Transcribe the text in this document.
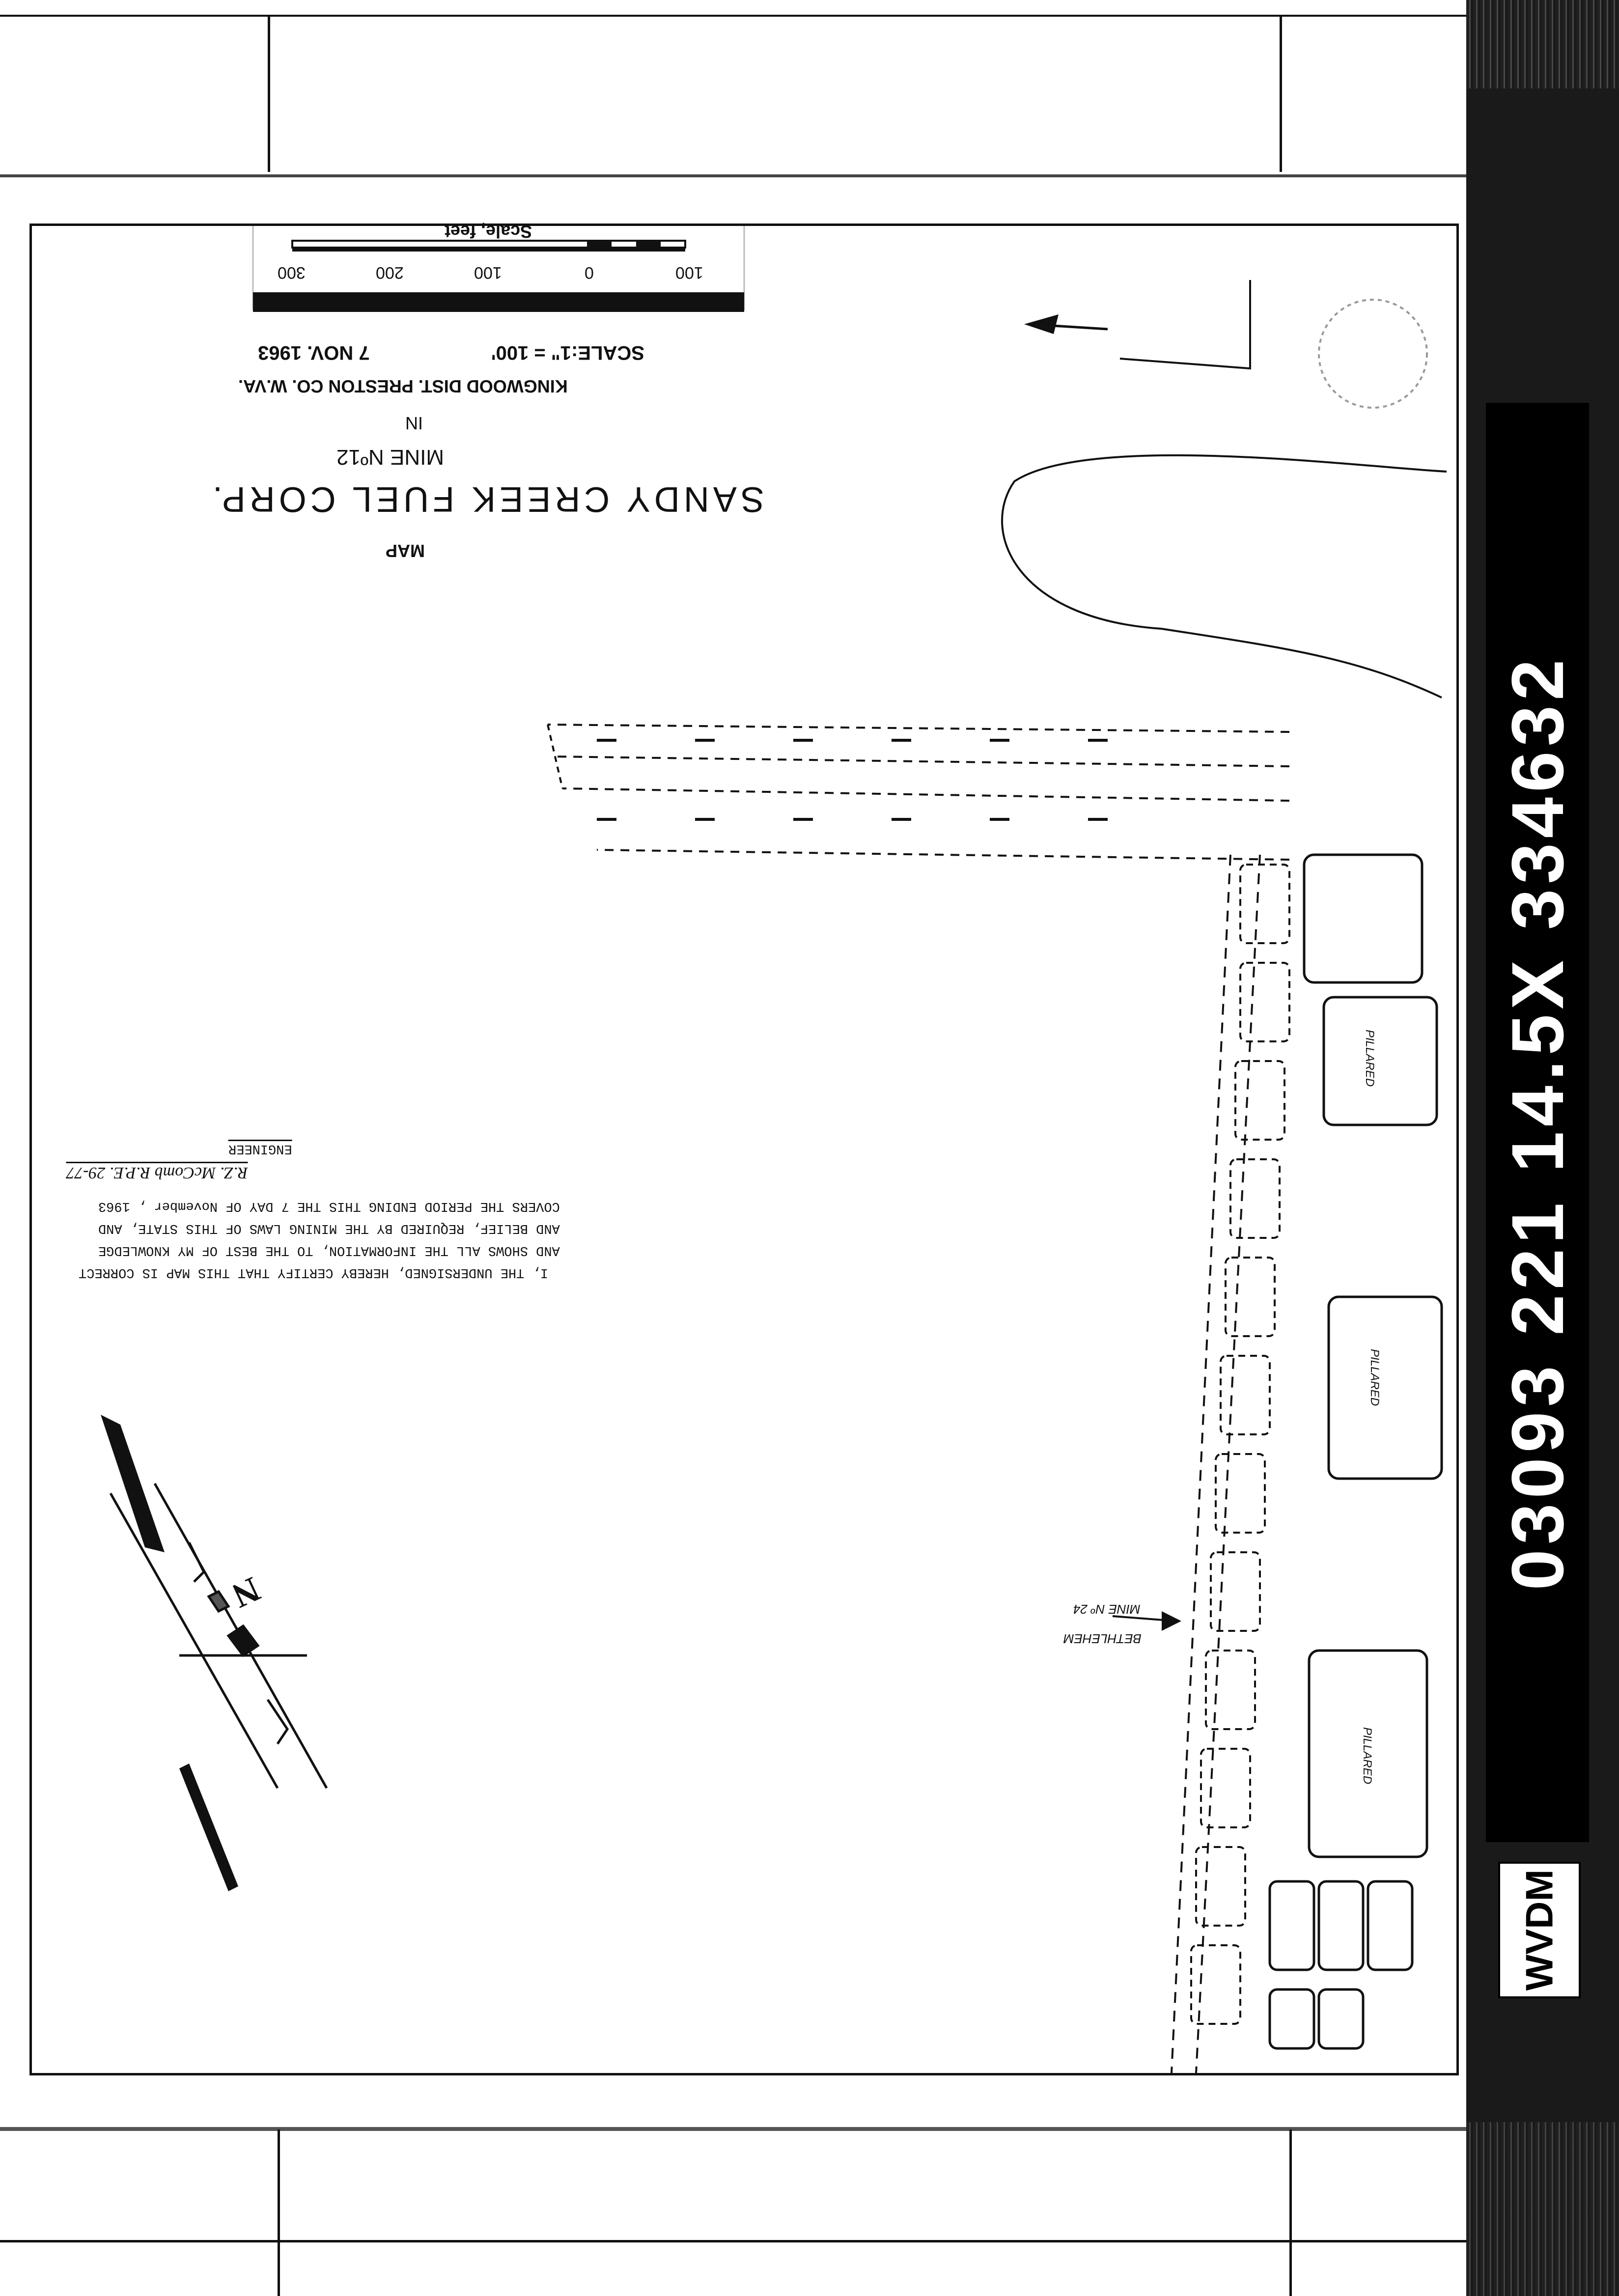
MAP
SANDY CREEK FUEL CORP.
MINE Nº12
IN
KINGWOOD DIST. PRESTON CO. W.VA.
SCALE:1" = 100'
7 NOV. 1963
Scale, feet
100
0
100
200
300
I, THE UNDERSIGNED, HEREBY CERTIFY THAT THIS MAP IS CORRECT
AND SHOWS ALL THE INFORMATION, TO THE BEST OF MY KNOWLEDGE
AND BELIEF, REQUIRED BY THE MINING LAWS OF THIS STATE, AND
COVERS THE PERIOD ENDING THIS THE 7 DAY OF November , 1963
R.Z. McComb R.P.E. 29-77
ENGINEER
PILLARED
PILLARED
PILLARED
BETHLEHEM
MINE Nº 24
N
03093 221 14.5X 334632
WVDM
